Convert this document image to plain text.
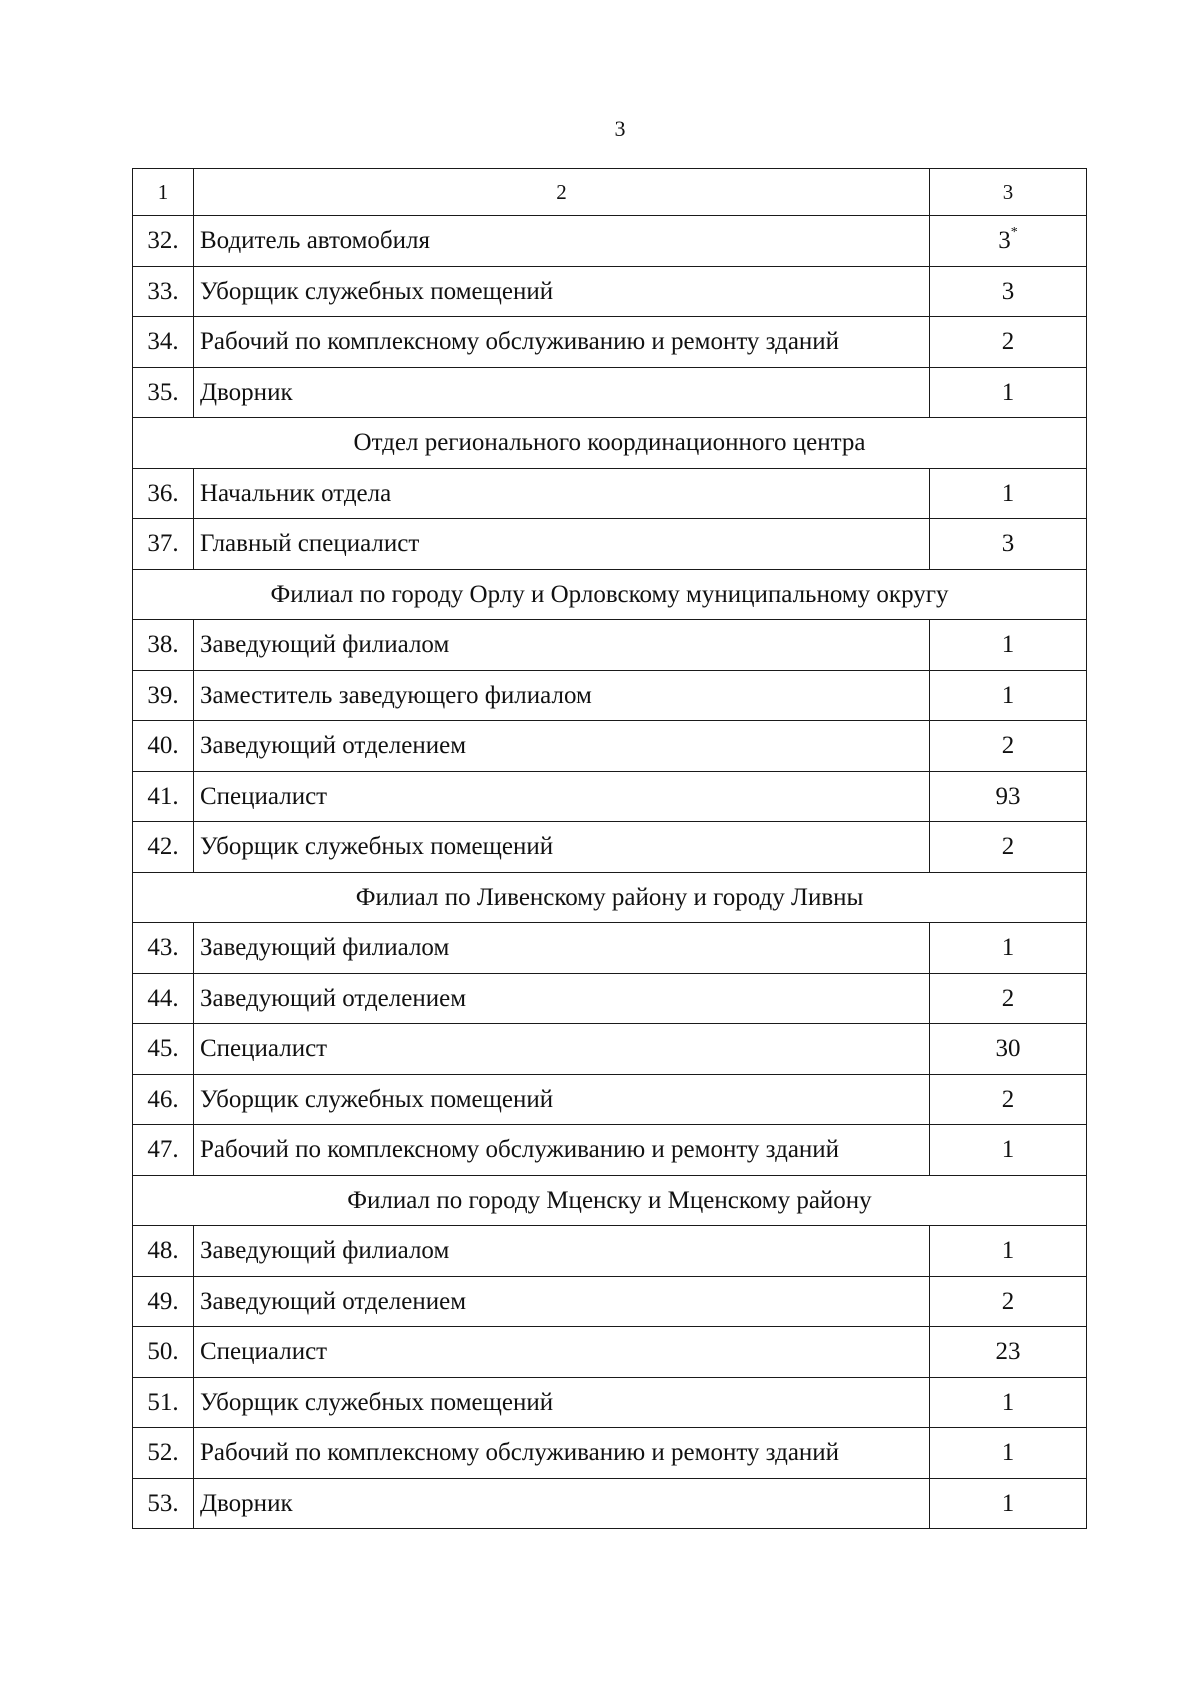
3
1	2	3
32.	Водитель автомобиля	3*
33.	Уборщик служебных помещений	3
34.	Рабочий по комплексному обслуживанию и ремонту зданий	2
35.	Дворник	1
Отдел регионального координационного центра		
36.	Начальник отдела	1
37.	Главный специалист	3
Филиал по городу Орлу и Орловскому муниципальному округу		
38.	Заведующий филиалом	1
39.	Заместитель заведующего филиалом	1
40.	Заведующий отделением	2
41.	Специалист	93
42.	Уборщик служебных помещений	2
Филиал по Ливенскому району и городу Ливны		
43.	Заведующий филиалом	1
44.	Заведующий отделением	2
45.	Специалист	30
46.	Уборщик служебных помещений	2
47.	Рабочий по комплексному обслуживанию и ремонту зданий	1
Филиал по городу Мценску и Мценскому району		
48.	Заведующий филиалом	1
49.	Заведующий отделением	2
50.	Специалист	23
51.	Уборщик служебных помещений	1
52.	Рабочий по комплексному обслуживанию и ремонту зданий	1
53.	Дворник	1
